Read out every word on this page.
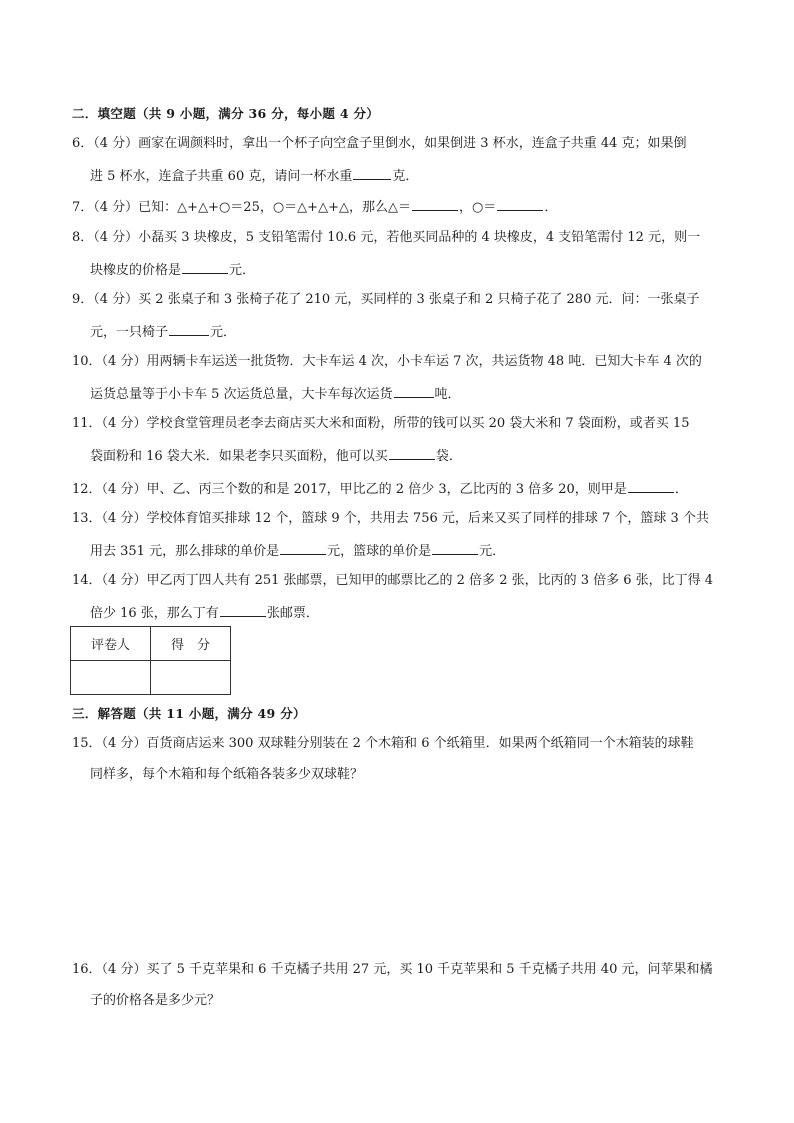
二．填空题（共 9 小题，满分 36 分，每小题 4 分）
6．（4 分）画家在调颜料时，拿出一个杯子向空盒子里倒水，如果倒进 3 杯水，连盒子共重 44 克；如果倒
进 5 杯水，连盒子共重 60 克，请问一杯水重	克．
7．（4 分）已知：△+△+○＝25，○＝△+△+△，那么△＝	，○＝	．
8．（4 分）小磊买 3 块橡皮，5 支铅笔需付 10.6 元，若他买同品种的 4 块橡皮，4 支铅笔需付 12 元，则一
块橡皮的价格是	元．
9．（4 分）买 2 张桌子和 3 张椅子花了 210 元，买同样的 3 张桌子和 2 只椅子花了 280 元．问：一张桌子
元，一只椅子	元．
10．（4 分）用两辆卡车运送一批货物．大卡车运 4 次，小卡车运 7 次，共运货物 48 吨．已知大卡车 4 次的
运货总量等于小卡车 5 次运货总量，大卡车每次运货	吨．
11．（4 分）学校食堂管理员老李去商店买大米和面粉，所带的钱可以买 20 袋大米和 7 袋面粉，或者买 15
袋面粉和 16 袋大米．如果老李只买面粉，他可以买	袋．
12．（4 分）甲、乙、丙三个数的和是 2017，甲比乙的 2 倍少 3，乙比丙的 3 倍多 20，则甲是	．
13．（4 分）学校体育馆买排球 12 个，篮球 9 个，共用去 756 元，后来又买了同样的排球 7 个，篮球 3 个共
用去 351 元，那么排球的单价是	元，篮球的单价是	元．
14．（4 分）甲乙丙丁四人共有 251 张邮票，已知甲的邮票比乙的 2 倍多 2 张，比丙的 3 倍多 6 张，比丁得 4
倍少 16 张，那么丁有	张邮票．
评卷人	得　分

三．解答题（共 11 小题，满分 49 分）
15．（4 分）百货商店运来 300 双球鞋分别装在 2 个木箱和 6 个纸箱里．如果两个纸箱同一个木箱装的球鞋
同样多，每个木箱和每个纸箱各装多少双球鞋？
16．（4 分）买了 5 千克苹果和 6 千克橘子共用 27 元，买 10 千克苹果和 5 千克橘子共用 40 元，问苹果和橘
子的价格各是多少元？
